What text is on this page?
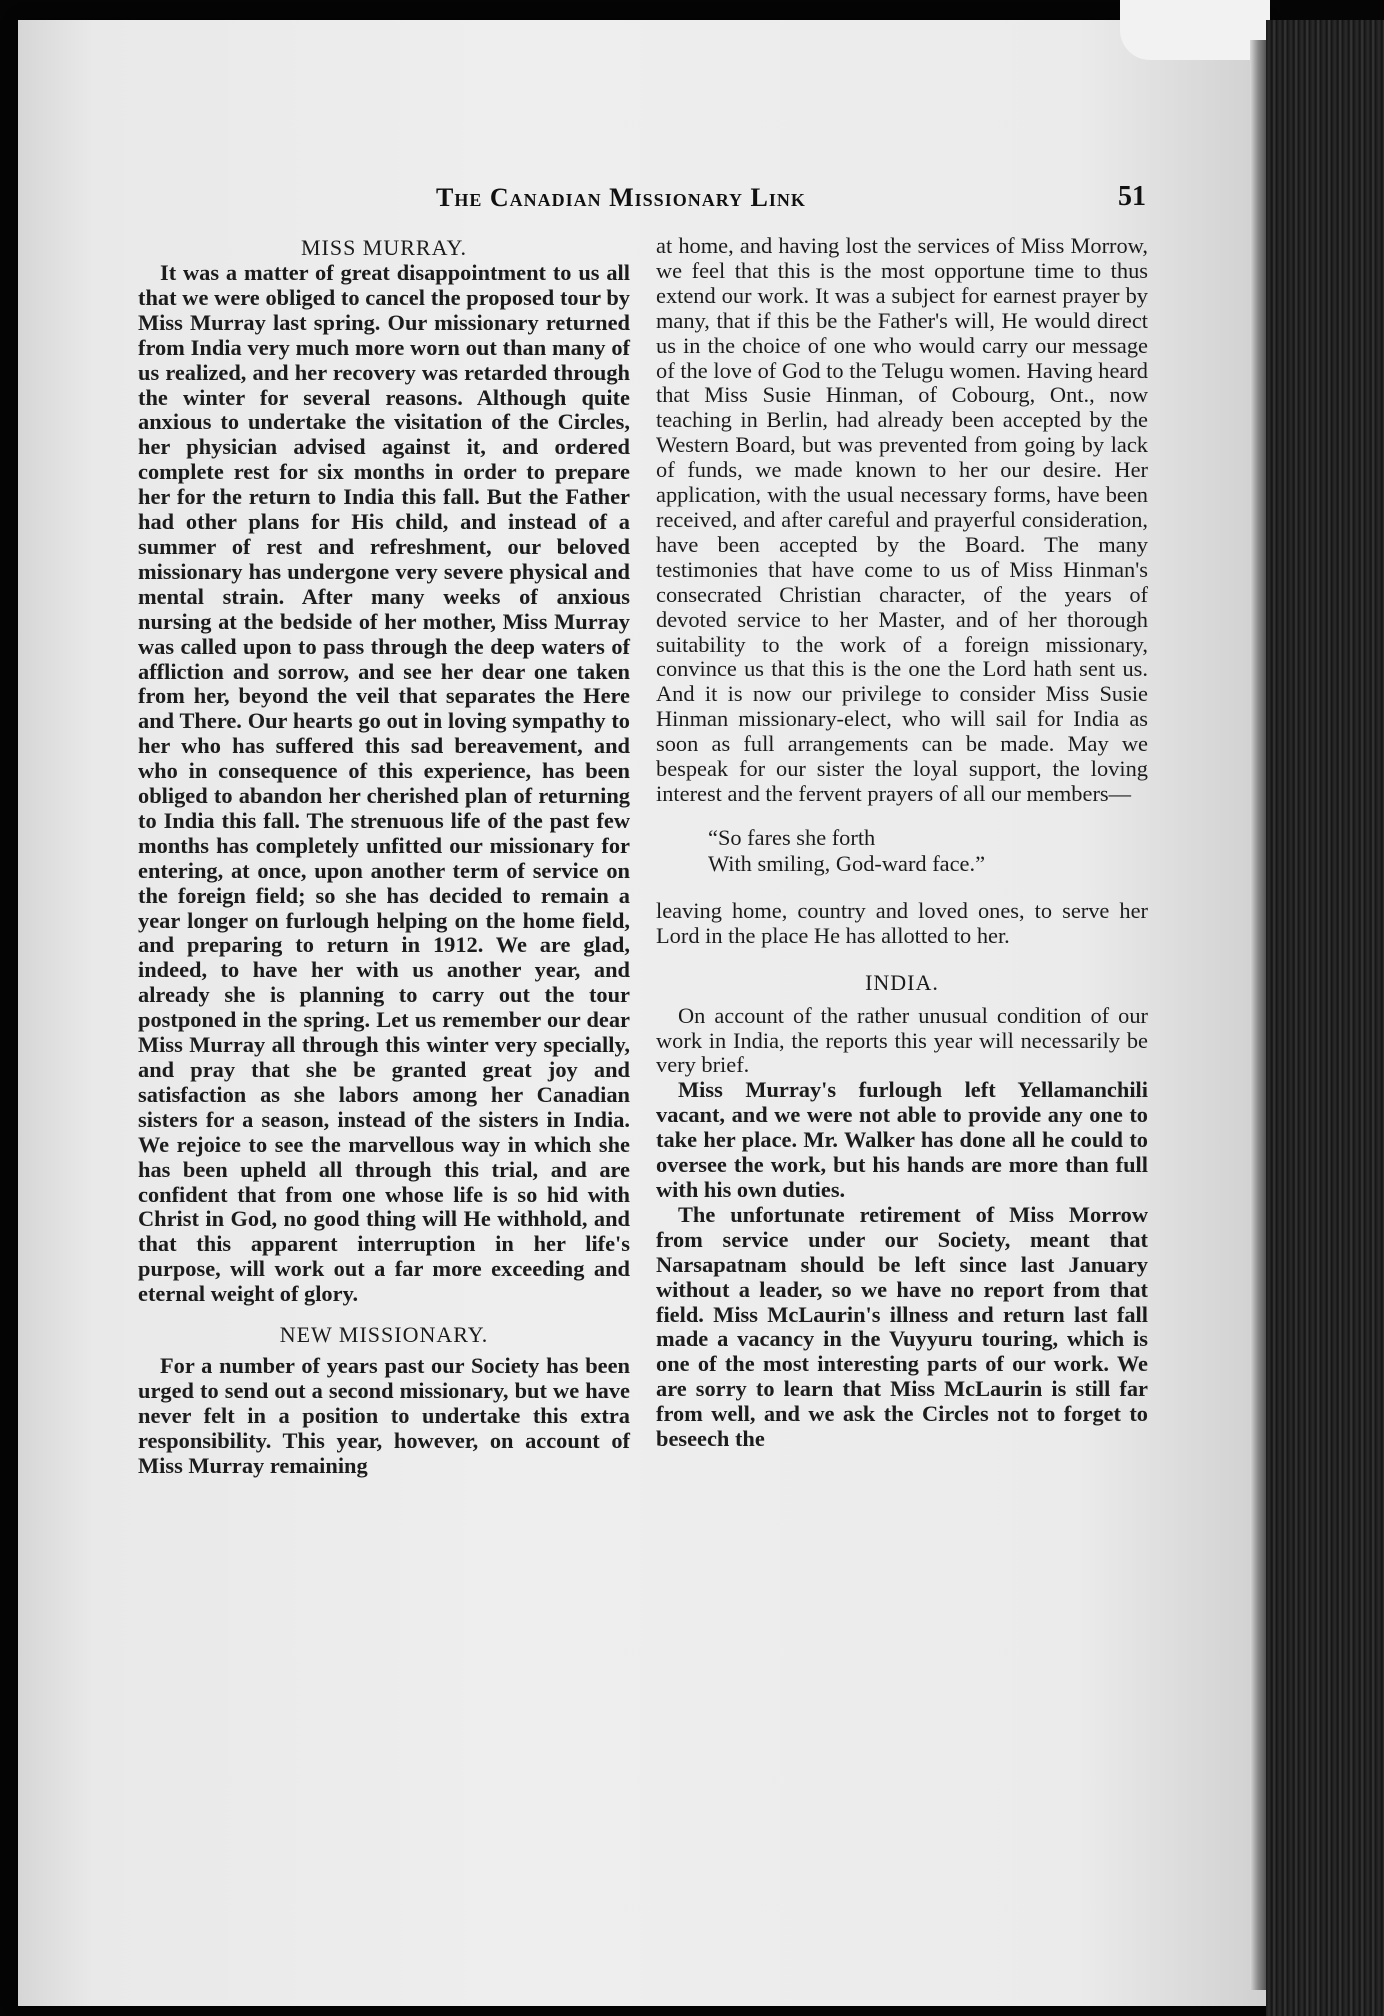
The Canadian Missionary Link	51
MISS MURRAY.

It was a matter of great disappointment to us all that we were obliged to cancel the proposed tour by Miss Murray last spring. Our missionary returned from India very much more worn out than many of us realized, and her recovery was retarded through the winter for several reasons. Although quite anxious to undertake the visitation of the Circles, her physician advised against it, and ordered complete rest for six months in order to prepare her for the return to India this fall. But the Father had other plans for His child, and instead of a summer of rest and refreshment, our beloved missionary has undergone very severe physical and mental strain. After many weeks of anxious nursing at the bedside of her mother, Miss Murray was called upon to pass through the deep waters of affliction and sorrow, and see her dear one taken from her, beyond the veil that separates the Here and There. Our hearts go out in loving sympathy to her who has suffered this sad bereavement, and who in consequence of this experience, has been obliged to abandon her cherished plan of returning to India this fall. The strenuous life of the past few months has completely unfitted our missionary for entering, at once, upon another term of service on the foreign field; so she has decided to remain a year longer on furlough helping on the home field, and preparing to return in 1912. We are glad, indeed, to have her with us another year, and already she is planning to carry out the tour postponed in the spring. Let us remember our dear Miss Murray all through this winter very specially, and pray that she be granted great joy and satisfaction as she labors among her Canadian sisters for a season, instead of the sisters in India. We rejoice to see the marvellous way in which she has been upheld all through this trial, and are confident that from one whose life is so hid with Christ in God, no good thing will He withhold, and that this apparent interruption in her life's purpose, will work out a far more exceeding and eternal weight of glory.

NEW MISSIONARY.

For a number of years past our Society has been urged to send out a second missionary, but we have never felt in a position to undertake this extra responsibility. This year, however, on account of Miss Murray remaining

at home, and having lost the services of Miss Morrow, we feel that this is the most opportune time to thus extend our work. It was a subject for earnest prayer by many, that if this be the Father's will, He would direct us in the choice of one who would carry our message of the love of God to the Telugu women. Having heard that Miss Susie Hinman, of Cobourg, Ont., now teaching in Berlin, had already been accepted by the Western Board, but was prevented from going by lack of funds, we made known to her our desire. Her application, with the usual necessary forms, have been received, and after careful and prayerful consideration, have been accepted by the Board. The many testimonies that have come to us of Miss Hinman's consecrated Christian character, of the years of devoted service to her Master, and of her thorough suitability to the work of a foreign missionary, convince us that this is the one the Lord hath sent us. And it is now our privilege to consider Miss Susie Hinman missionary-elect, who will sail for India as soon as full arrangements can be made. May we bespeak for our sister the loyal support, the loving interest and the fervent prayers of all our members—

“So fares she forth
With smiling, God-ward face.”

leaving home, country and loved ones, to serve her Lord in the place He has allotted to her.

INDIA.

On account of the rather unusual condition of our work in India, the reports this year will necessarily be very brief.

Miss Murray's furlough left Yellamanchili vacant, and we were not able to provide any one to take her place. Mr. Walker has done all he could to oversee the work, but his hands are more than full with his own duties.

The unfortunate retirement of Miss Morrow from service under our Society, meant that Narsapatnam should be left since last January without a leader, so we have no report from that field. Miss McLaurin's illness and return last fall made a vacancy in the Vuyyuru touring, which is one of the most interesting parts of our work. We are sorry to learn that Miss McLaurin is still far from well, and we ask the Circles not to forget to beseech the
